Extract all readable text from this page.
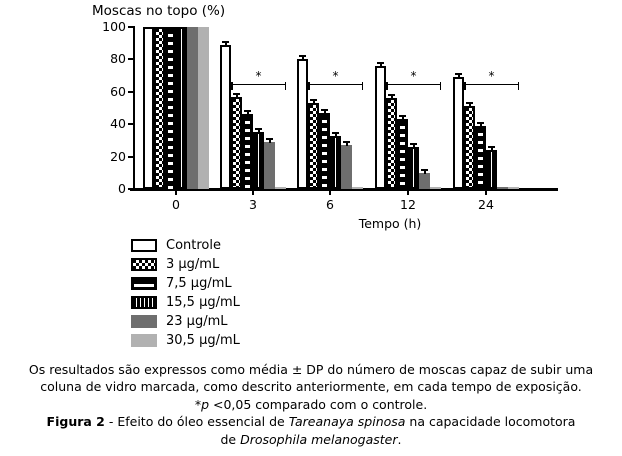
Moscas no topo (%)
0
20
40
60
80
100
0	3	6	12	24
*	*	*	*
Tempo (h)
Controle
3 µg/mL
7,5 µg/mL
15,5 µg/mL
23 µg/mL
30,5 µg/mL
Os resultados são expressos como média ± DP do número de moscas capaz de subir uma
coluna de vidro marcada, como descrito anteriormente, em cada tempo de exposição.
*p <0,05 comparado com o controle.
Figura 2 - Efeito do óleo essencial de Tareanaya spinosa na capacidade locomotora
de Drosophila melanogaster.
